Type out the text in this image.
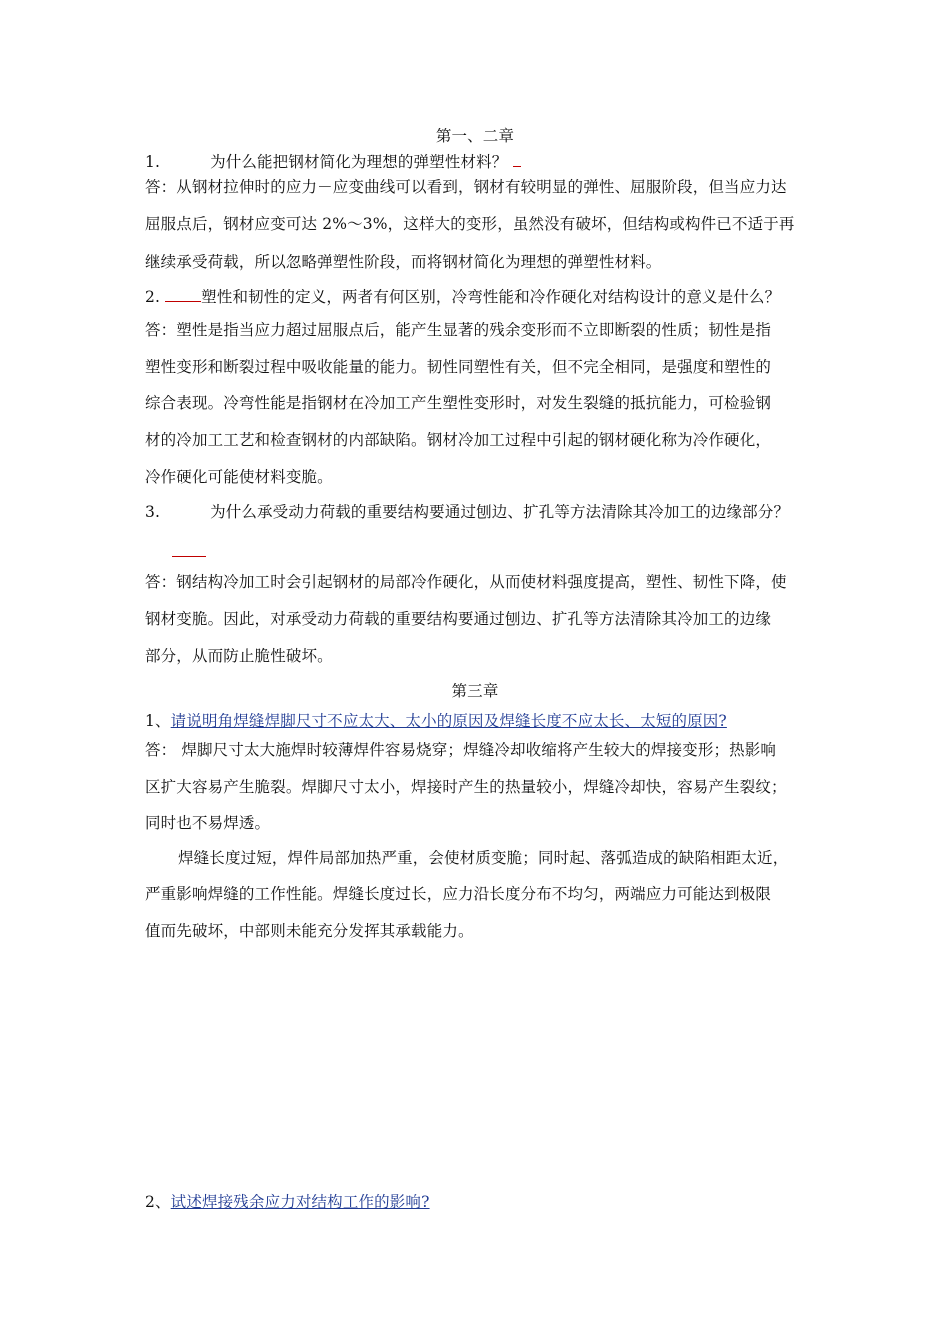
第一、二章
1.	为什么能把钢材简化为理想的弹塑性材料？
答：从钢材拉伸时的应力－应变曲线可以看到，钢材有较明显的弹性、屈服阶段，但当应力达
屈服点后，钢材应变可达 2%～3%，这样大的变形，虽然没有破坏，但结构或构件已不适于再
继续承受荷载，所以忽略弹塑性阶段，而将钢材简化为理想的弹塑性材料。
2.	塑性和韧性的定义，两者有何区别，冷弯性能和冷作硬化对结构设计的意义是什么？
答：塑性是指当应力超过屈服点后，能产生显著的残余变形而不立即断裂的性质；韧性是指
塑性变形和断裂过程中吸收能量的能力。韧性同塑性有关，但不完全相同，是强度和塑性的
综合表现。冷弯性能是指钢材在冷加工产生塑性变形时，对发生裂缝的抵抗能力，可检验钢
材的冷加工工艺和检查钢材的内部缺陷。钢材冷加工过程中引起的钢材硬化称为冷作硬化，
冷作硬化可能使材料变脆。
3.	为什么承受动力荷载的重要结构要通过刨边、扩孔等方法清除其冷加工的边缘部分？
答：钢结构冷加工时会引起钢材的局部冷作硬化，从而使材料强度提高，塑性、韧性下降，使
钢材变脆。因此，对承受动力荷载的重要结构要通过刨边、扩孔等方法清除其冷加工的边缘
部分，从而防止脆性破坏。
第三章
1、请说明角焊缝焊脚尺寸不应太大、太小的原因及焊缝长度不应太长、太短的原因?
答： 焊脚尺寸太大施焊时较薄焊件容易烧穿；焊缝冷却收缩将产生较大的焊接变形；热影响
区扩大容易产生脆裂。焊脚尺寸太小，焊接时产生的热量较小，焊缝冷却快，容易产生裂纹；
同时也不易焊透。
焊缝长度过短，焊件局部加热严重，会使材质变脆；同时起、落弧造成的缺陷相距太近，
严重影响焊缝的工作性能。焊缝长度过长，应力沿长度分布不均匀，两端应力可能达到极限
值而先破坏，中部则未能充分发挥其承载能力。
2、试述焊接残余应力对结构工作的影响?
